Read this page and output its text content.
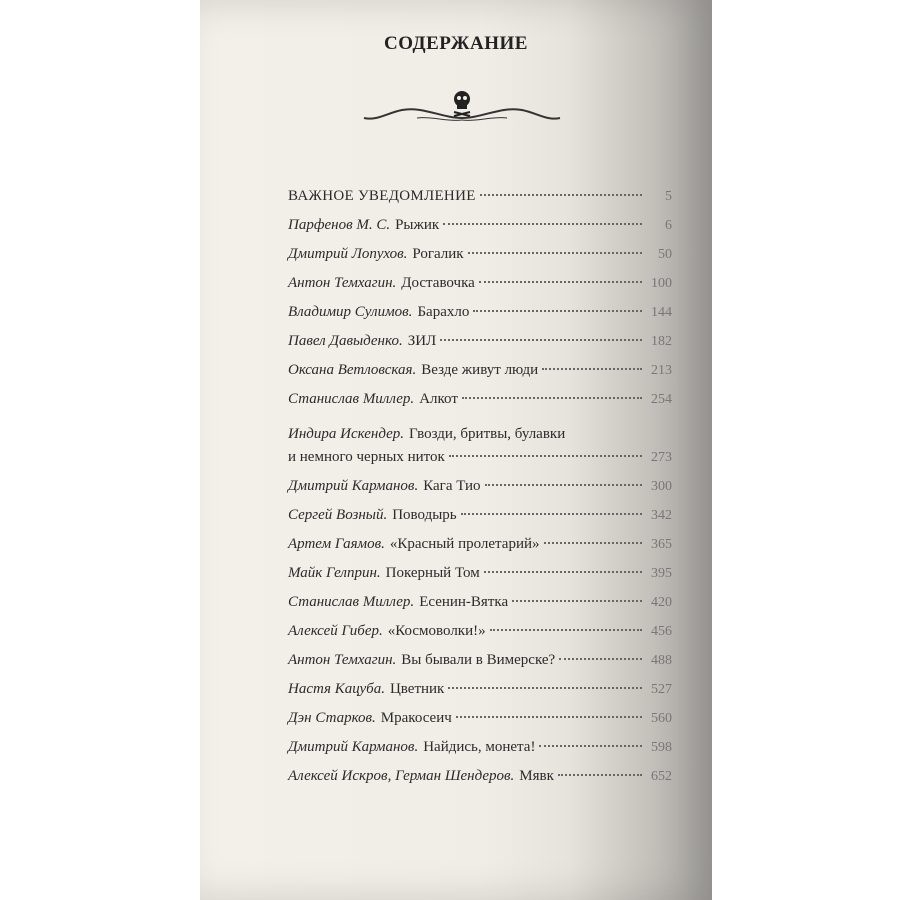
СОДЕРЖАНИЕ
ВАЖНОЕ УВЕДОМЛЕНИЕ	5
Парфенов М. С. Рыжик	6
Дмитрий Лопухов. Рогалик	50
Антон Темхагин. Доставочка	100
Владимир Сулимов. Барахло	144
Павел Давыденко. ЗИЛ	182
Оксана Ветловская. Везде живут люди	213
Станислав Миллер. Алкот	254
Индира Искендер. Гвозди, бритвы, булавки
и немного черных ниток	273
Дмитрий Карманов. Кага Тио	300
Сергей Возный. Поводырь	342
Артем Гаямов. «Красный пролетарий»	365
Майк Гелприн. Покерный Том	395
Станислав Миллер. Есенин-Вятка	420
Алексей Гибер. «Космоволки!»	456
Антон Темхагин. Вы бывали в Вимерске?	488
Настя Кацуба. Цветник	527
Дэн Старков. Мракосеич	560
Дмитрий Карманов. Найдись, монета!	598
Алексей Искров, Герман Шендеров. Мявк	652
